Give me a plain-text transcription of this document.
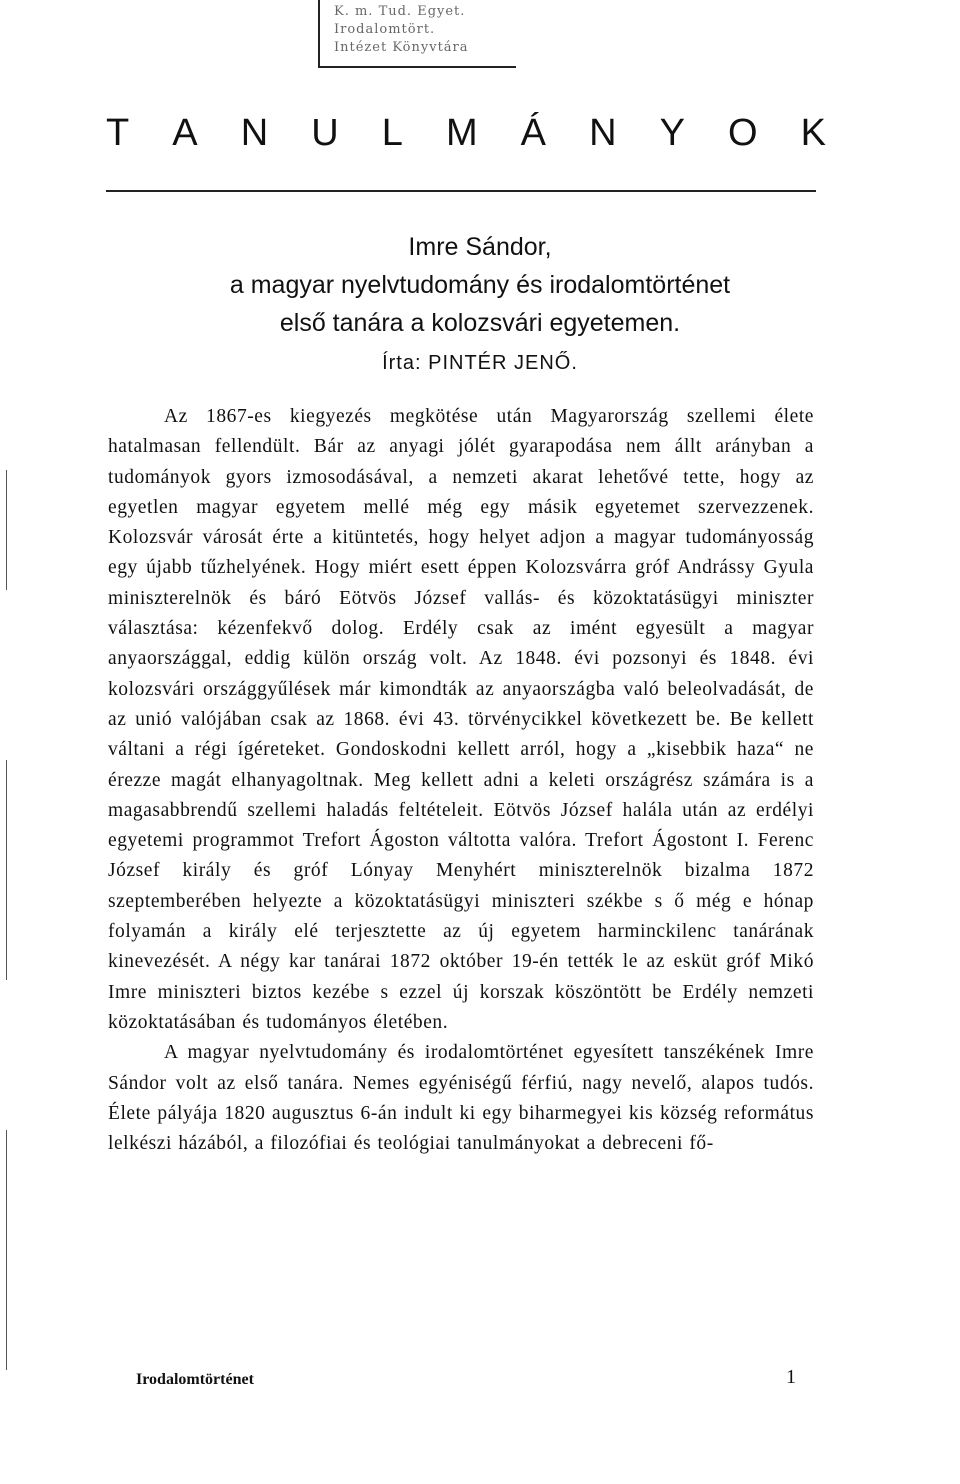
K. m. Tud. Egyet.
Irodalomtört.
Intézet Könyvtára
T A N U L M Á N Y O K
Imre Sándor,
a magyar nyelvtudomány és irodalomtörténet
első tanára a kolozsvári egyetemen.
Írta: PINTÉR JENŐ.

Az 1867-es kiegyezés megkötése után Magyarország szellemi élete hatalmasan fellendült. Bár az anyagi jólét gyarapodása nem állt arányban a tudományok gyors izmosodásával, a nemzeti akarat lehetővé tette, hogy az egyetlen magyar egyetem mellé még egy másik egyetemet szervezzenek. Kolozsvár városát érte a kitüntetés, hogy helyet adjon a magyar tudományosság egy újabb tűzhelyének. Hogy miért esett éppen Kolozsvárra gróf Andrássy Gyula miniszterelnök és báró Eötvös József vallás- és közoktatásügyi miniszter választása: kézenfekvő dolog. Erdély csak az imént egyesült a magyar anyaországgal, eddig külön ország volt. Az 1848. évi pozsonyi és 1848. évi kolozsvári országgyűlések már kimondták az anyaországba való beleolvadását, de az unió valójában csak az 1868. évi 43. törvénycikkel következett be. Be kellett váltani a régi ígéreteket. Gondoskodni kellett arról, hogy a „kisebbik haza“ ne érezze magát elhanyagoltnak. Meg kellett adni a keleti országrész számára is a magasabbrendű szellemi haladás feltételeit. Eötvös József halála után az erdélyi egyetemi programmot Trefort Ágoston váltotta valóra. Trefort Ágostont I. Ferenc József király és gróf Lónyay Menyhért miniszterelnök bizalma 1872 szeptemberében helyezte a közoktatásügyi miniszteri székbe s ő még e hónap folyamán a király elé terjesztette az új egyetem harminckilenc tanárának kinevezését. A négy kar tanárai 1872 október 19-én tették le az esküt gróf Mikó Imre miniszteri biztos kezébe s ezzel új korszak köszöntött be Erdély nemzeti közoktatásában és tudományos életében.

A magyar nyelvtudomány és irodalomtörténet egyesített tanszékének Imre Sándor volt az első tanára. Nemes egyéniségű férfiú, nagy nevelő, alapos tudós. Élete pályája 1820 augusztus 6-án indult ki egy biharmegyei kis község református lelkészi házából, a filozófiai és teológiai tanulmányokat a debreceni fő-

Irodalomtörténet	1
